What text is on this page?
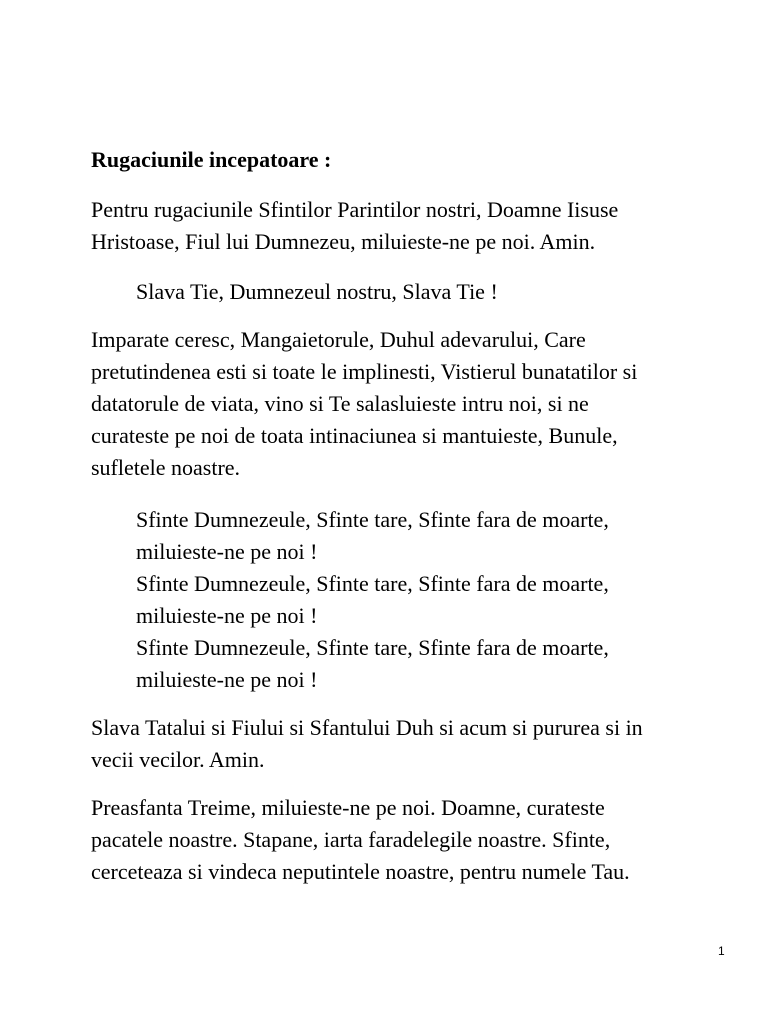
Rugaciunile incepatoare :

Pentru rugaciunile Sfintilor Parintilor nostri, Doamne Iisuse
Hristoase, Fiul lui Dumnezeu, miluieste-ne pe noi. Amin.

Slava Tie, Dumnezeul nostru, Slava Tie !

Imparate ceresc, Mangaietorule, Duhul adevarului, Care
pretutindenea esti si toate le implinesti, Vistierul bunatatilor si
datatorule de viata, vino si Te salasluieste intru noi, si ne
curateste pe noi de toata intinaciunea si mantuieste, Bunule,
sufletele noastre.

Sfinte Dumnezeule, Sfinte tare, Sfinte fara de moarte,
miluieste-ne pe noi !
Sfinte Dumnezeule, Sfinte tare, Sfinte fara de moarte,
miluieste-ne pe noi !
Sfinte Dumnezeule, Sfinte tare, Sfinte fara de moarte,
miluieste-ne pe noi !

Slava Tatalui si Fiului si Sfantului Duh si acum si pururea si in
vecii vecilor. Amin.

Preasfanta Treime, miluieste-ne pe noi. Doamne, curateste
pacatele noastre. Stapane, iarta faradelegile noastre. Sfinte,
cerceteaza si vindeca neputintele noastre, pentru numele Tau.

1
